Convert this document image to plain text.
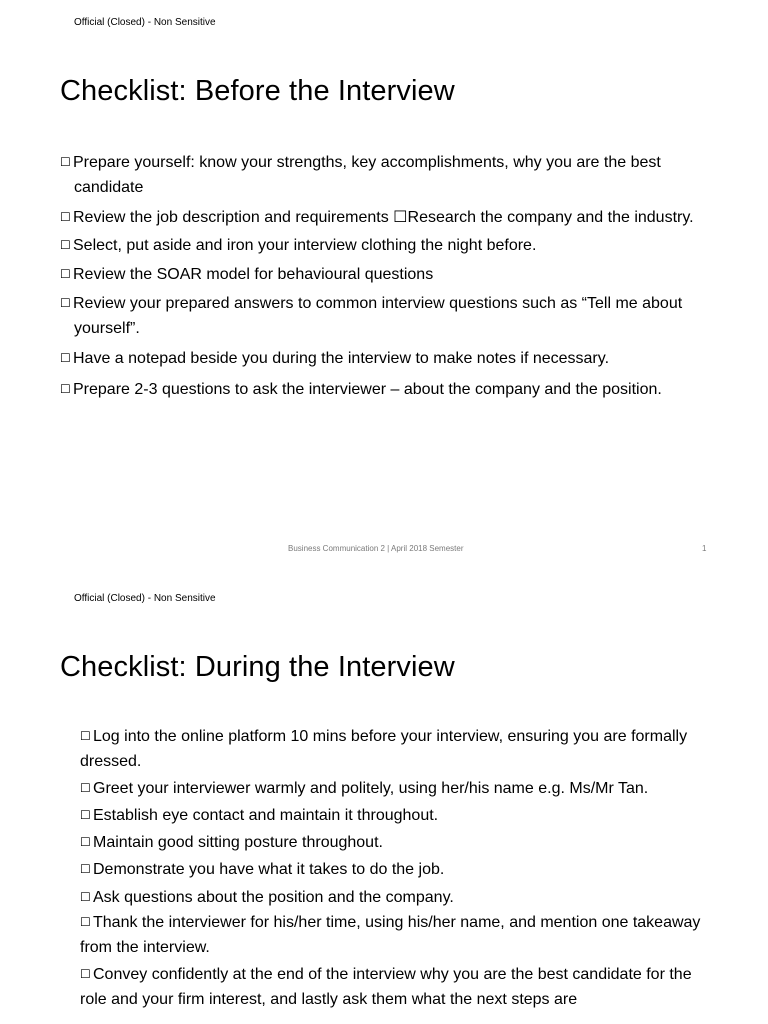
Official (Closed) - Non Sensitive
Checklist: Before the Interview
☐ Prepare yourself: know your strengths, key accomplishments, why you are the best candidate
☐ Review the job description and requirements ☐Research the company and the industry.
☐ Select, put aside and iron your interview clothing the night before.
☐ Review the SOAR model for behavioural questions
☐ Review your prepared answers to common interview questions such as “Tell me about yourself”.
☐ Have a notepad beside you during the interview to make notes if necessary.
☐ Prepare 2-3 questions to ask the interviewer – about the company and the position.
Business Communication 2 | April 2018 Semester	1
Official (Closed) - Non Sensitive
Checklist: During the Interview
☐ Log into the online platform 10 mins before your interview, ensuring you are formally dressed.
☐ Greet your interviewer warmly and politely, using her/his name e.g. Ms/Mr Tan.
☐ Establish eye contact and maintain it throughout.
☐ Maintain good sitting posture throughout.
☐ Demonstrate you have what it takes to do the job.
☐ Ask questions about the position and the company.
☐ Thank the interviewer for his/her time, using his/her name, and mention one takeaway from the interview.
☐ Convey confidently at the end of the interview why you are the best candidate for the role and your firm interest, and lastly ask them what the next steps are
